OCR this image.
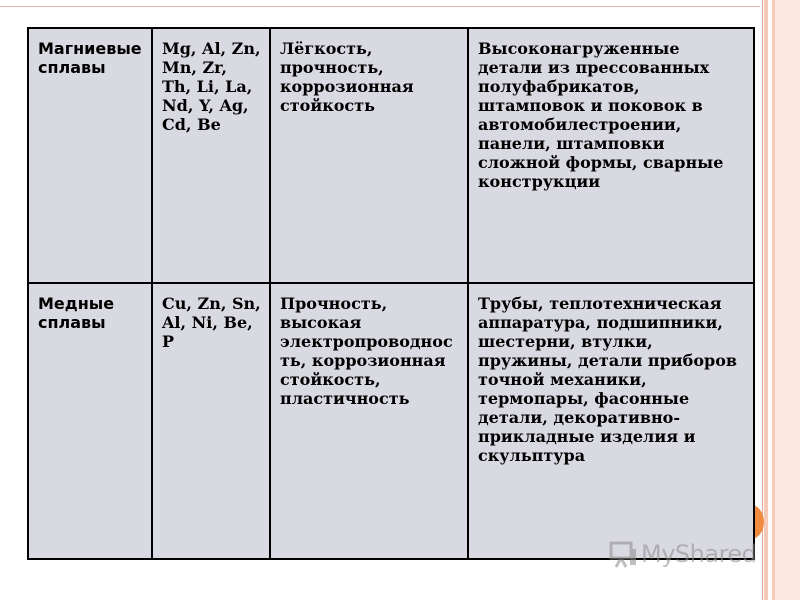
Магниевые сплавы	Mg, Al, Zn, Mn, Zr, Th, Li, La, Nd, Y, Ag, Cd, Be	Лёгкость, прочность, коррозионная стойкость	Высоконагруженные детали из прессованных полуфабрикатов, штамповок и поковок в автомобилестроении, панели, штамповки сложной формы, сварные конструкции
Медные сплавы	Cu, Zn, Sn, Al, Ni, Be, P	Прочность, высокая электропроводность, коррозионная стойкость, пластичность	Трубы, теплотехническая аппаратура, подшипники, шестерни, втулки, пружины, детали приборов точной механики, термопары, фасонные детали, декоративно-прикладные изделия и скульптура
MyShared
